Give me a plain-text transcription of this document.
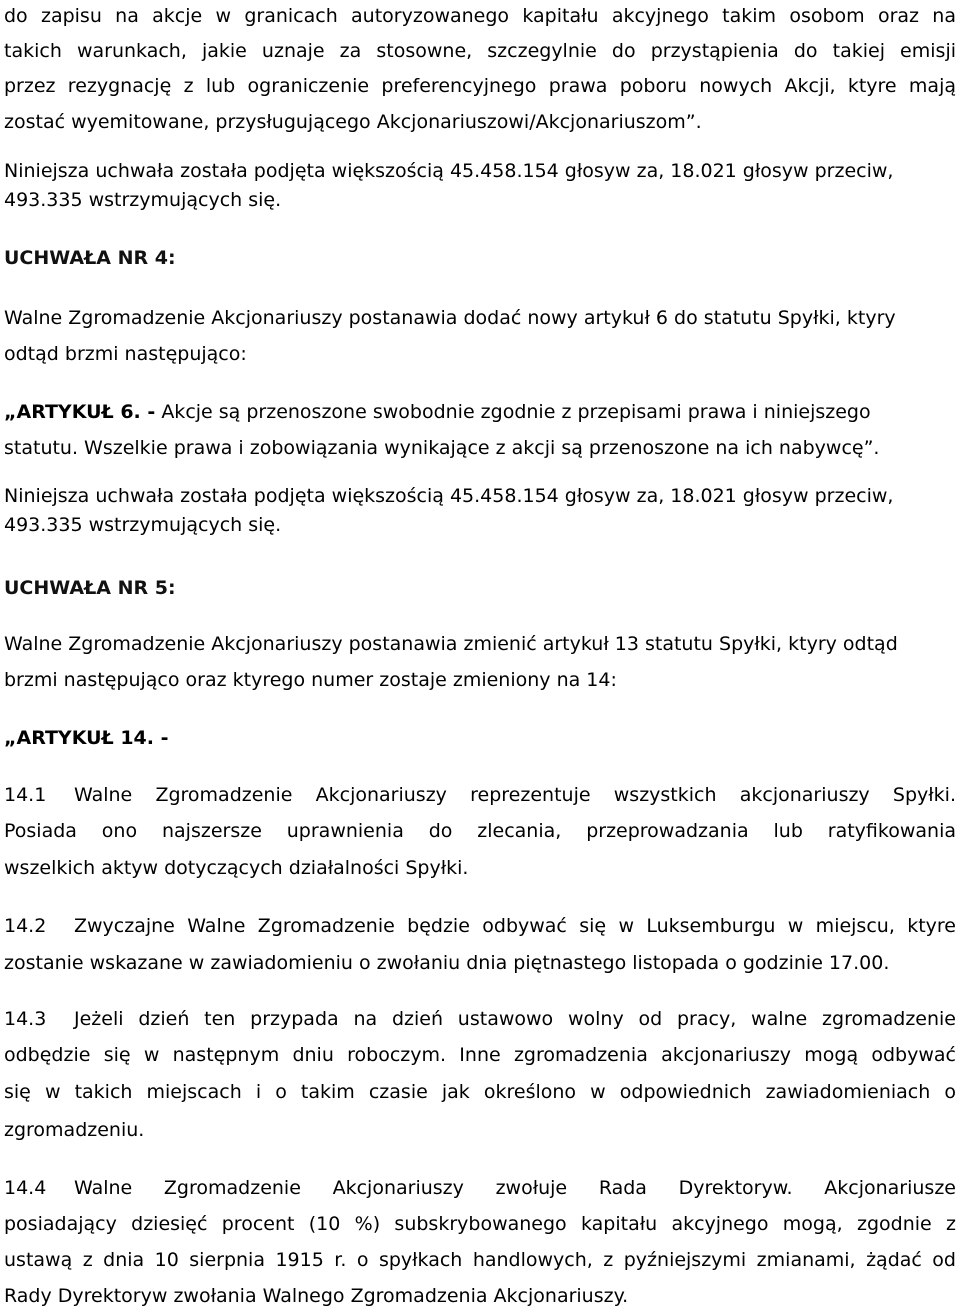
do zapisu na akcje w granicach autoryzowanego kapitału akcyjnego takim osobom oraz na
takich warunkach, jakie uznaje za stosowne, szczegylnie do przystąpienia do takiej emisji
przez rezygnację z lub ograniczenie preferencyjnego prawa poboru nowych Akcji, ktyre mają
zostać wyemitowane, przysługującego Akcjonariuszowi/Akcjonariuszom”.
Niniejsza uchwała została podjęta większością 45.458.154 głosyw za, 18.021 głosyw przeciw,
493.335 wstrzymujących się.
UCHWAŁA NR 4:
Walne Zgromadzenie Akcjonariuszy postanawia dodać nowy artykuł 6 do statutu Spyłki, ktyry
odtąd brzmi następująco:
„ARTYKUŁ 6. - Akcje są przenoszone swobodnie zgodnie z przepisami prawa i niniejszego
statutu. Wszelkie prawa i zobowiązania wynikające z akcji są przenoszone na ich nabywcę”.
Niniejsza uchwała została podjęta większością 45.458.154 głosyw za, 18.021 głosyw przeciw,
493.335 wstrzymujących się.
UCHWAŁA NR 5:
Walne Zgromadzenie Akcjonariuszy postanawia zmienić artykuł 13 statutu Spyłki, ktyry odtąd
brzmi następująco oraz ktyrego numer zostaje zmieniony na 14:
„ARTYKUŁ 14. -
14.1 Walne Zgromadzenie Akcjonariuszy reprezentuje wszystkich akcjonariuszy Spyłki.
Posiada ono najszersze uprawnienia do zlecania, przeprowadzania lub ratyfikowania
wszelkich aktyw dotyczących działalności Spyłki.
14.2 Zwyczajne Walne Zgromadzenie będzie odbywać się w Luksemburgu w miejscu, ktyre
zostanie wskazane w zawiadomieniu o zwołaniu dnia piętnastego listopada o godzinie 17.00.
14.3 Jeżeli dzień ten przypada na dzień ustawowo wolny od pracy, walne zgromadzenie
odbędzie się w następnym dniu roboczym. Inne zgromadzenia akcjonariuszy mogą odbywać
się w takich miejscach i o takim czasie jak określono w odpowiednich zawiadomieniach o
zgromadzeniu.
14.4 Walne Zgromadzenie Akcjonariuszy zwołuje Rada Dyrektoryw. Akcjonariusze
posiadający dziesięć procent (10 %) subskrybowanego kapitału akcyjnego mogą, zgodnie z
ustawą z dnia 10 sierpnia 1915 r. o spyłkach handlowych, z pyźniejszymi zmianami, żądać od
Rady Dyrektoryw zwołania Walnego Zgromadzenia Akcjonariuszy.
